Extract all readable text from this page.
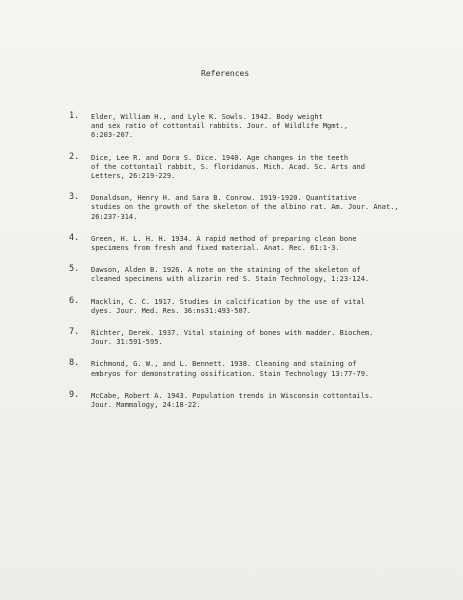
References
1. Elder, William H., and Lyle K. Sowls. 1942. Body weight
and sex ratio of cottontail rabbits. Jour. of Wildlife Mgmt.,
6:203-207.
2. Dice, Lee R. and Dora S. Dice. 1940. Age changes in the teeth
of the cottontail rabbit, S. floridanus. Mich. Acad. Sc. Arts and
Letters, 26:219-229.
3. Donaldson, Henry H. and Sara B. Conrow. 1919-1920. Quantitative
studies on the growth of the skeleton of the albino rat. Am. Jour. Anat.,
26:237-314.
4. Green, H. L. H. H. 1934. A rapid method of preparing clean bone
specimens from fresh and fixed material. Anat. Rec. 61:1-3.
5. Dawson, Alden B. 1926. A note on the staining of the skeleton of
cleaned specimens with alizarin red S. Stain Technology, 1:23-124.
6. Macklin, C. C. 1917. Studies in calcification by the use of vital
dyes. Jour. Med. Res. 36:ns31:493-507.
7. Richter, Derek. 1937. Vital staining of bones with madder. Biochem.
Jour. 31:591-595.
8. Richmond, G. W., and L. Bennett. 1938. Cleaning and staining of
embryos for demonstrating ossification. Stain Technology 13:77-79.
9. McCabe, Robert A. 1943. Population trends in Wisconsin cottontails.
Jour. Mammalogy, 24:18-22.
